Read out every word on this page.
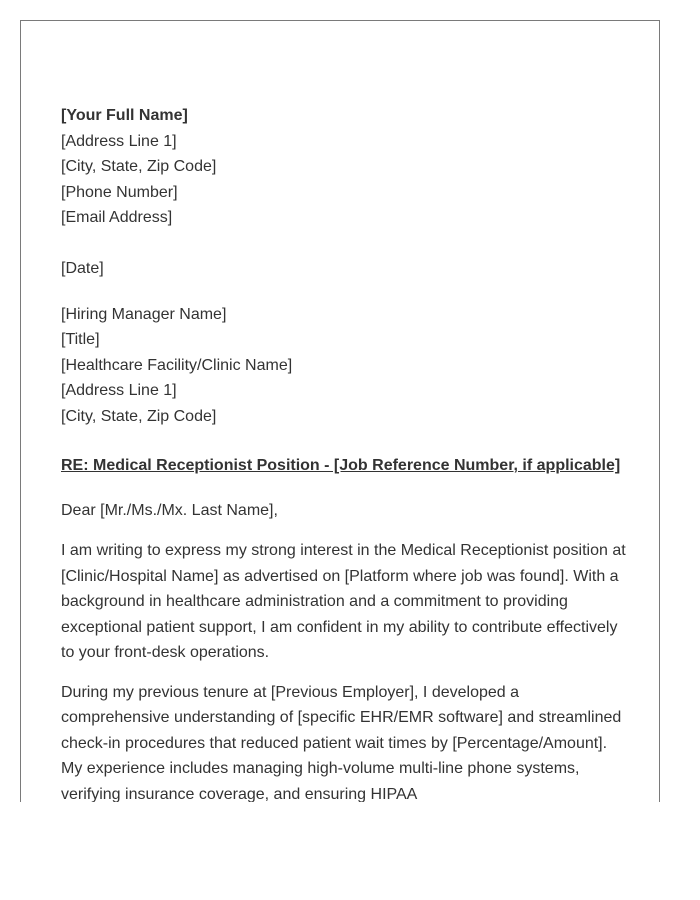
[Your Full Name]
[Address Line 1]
[City, State, Zip Code]
[Phone Number]
[Email Address]
[Date]
[Hiring Manager Name]
[Title]
[Healthcare Facility/Clinic Name]
[Address Line 1]
[City, State, Zip Code]
RE: Medical Receptionist Position - [Job Reference Number, if applicable]
Dear [Mr./Ms./Mx. Last Name],

I am writing to express my strong interest in the Medical Receptionist position at [Clinic/Hospital Name] as advertised on [Platform where job was found]. With a background in healthcare administration and a commitment to providing exceptional patient support, I am confident in my ability to contribute effectively to your front-desk operations.

During my previous tenure at [Previous Employer], I developed a comprehensive understanding of [specific EHR/EMR software] and streamlined check-in procedures that reduced patient wait times by [Percentage/Amount]. My experience includes managing high-volume multi-line phone systems, verifying insurance coverage, and ensuring HIPAA
